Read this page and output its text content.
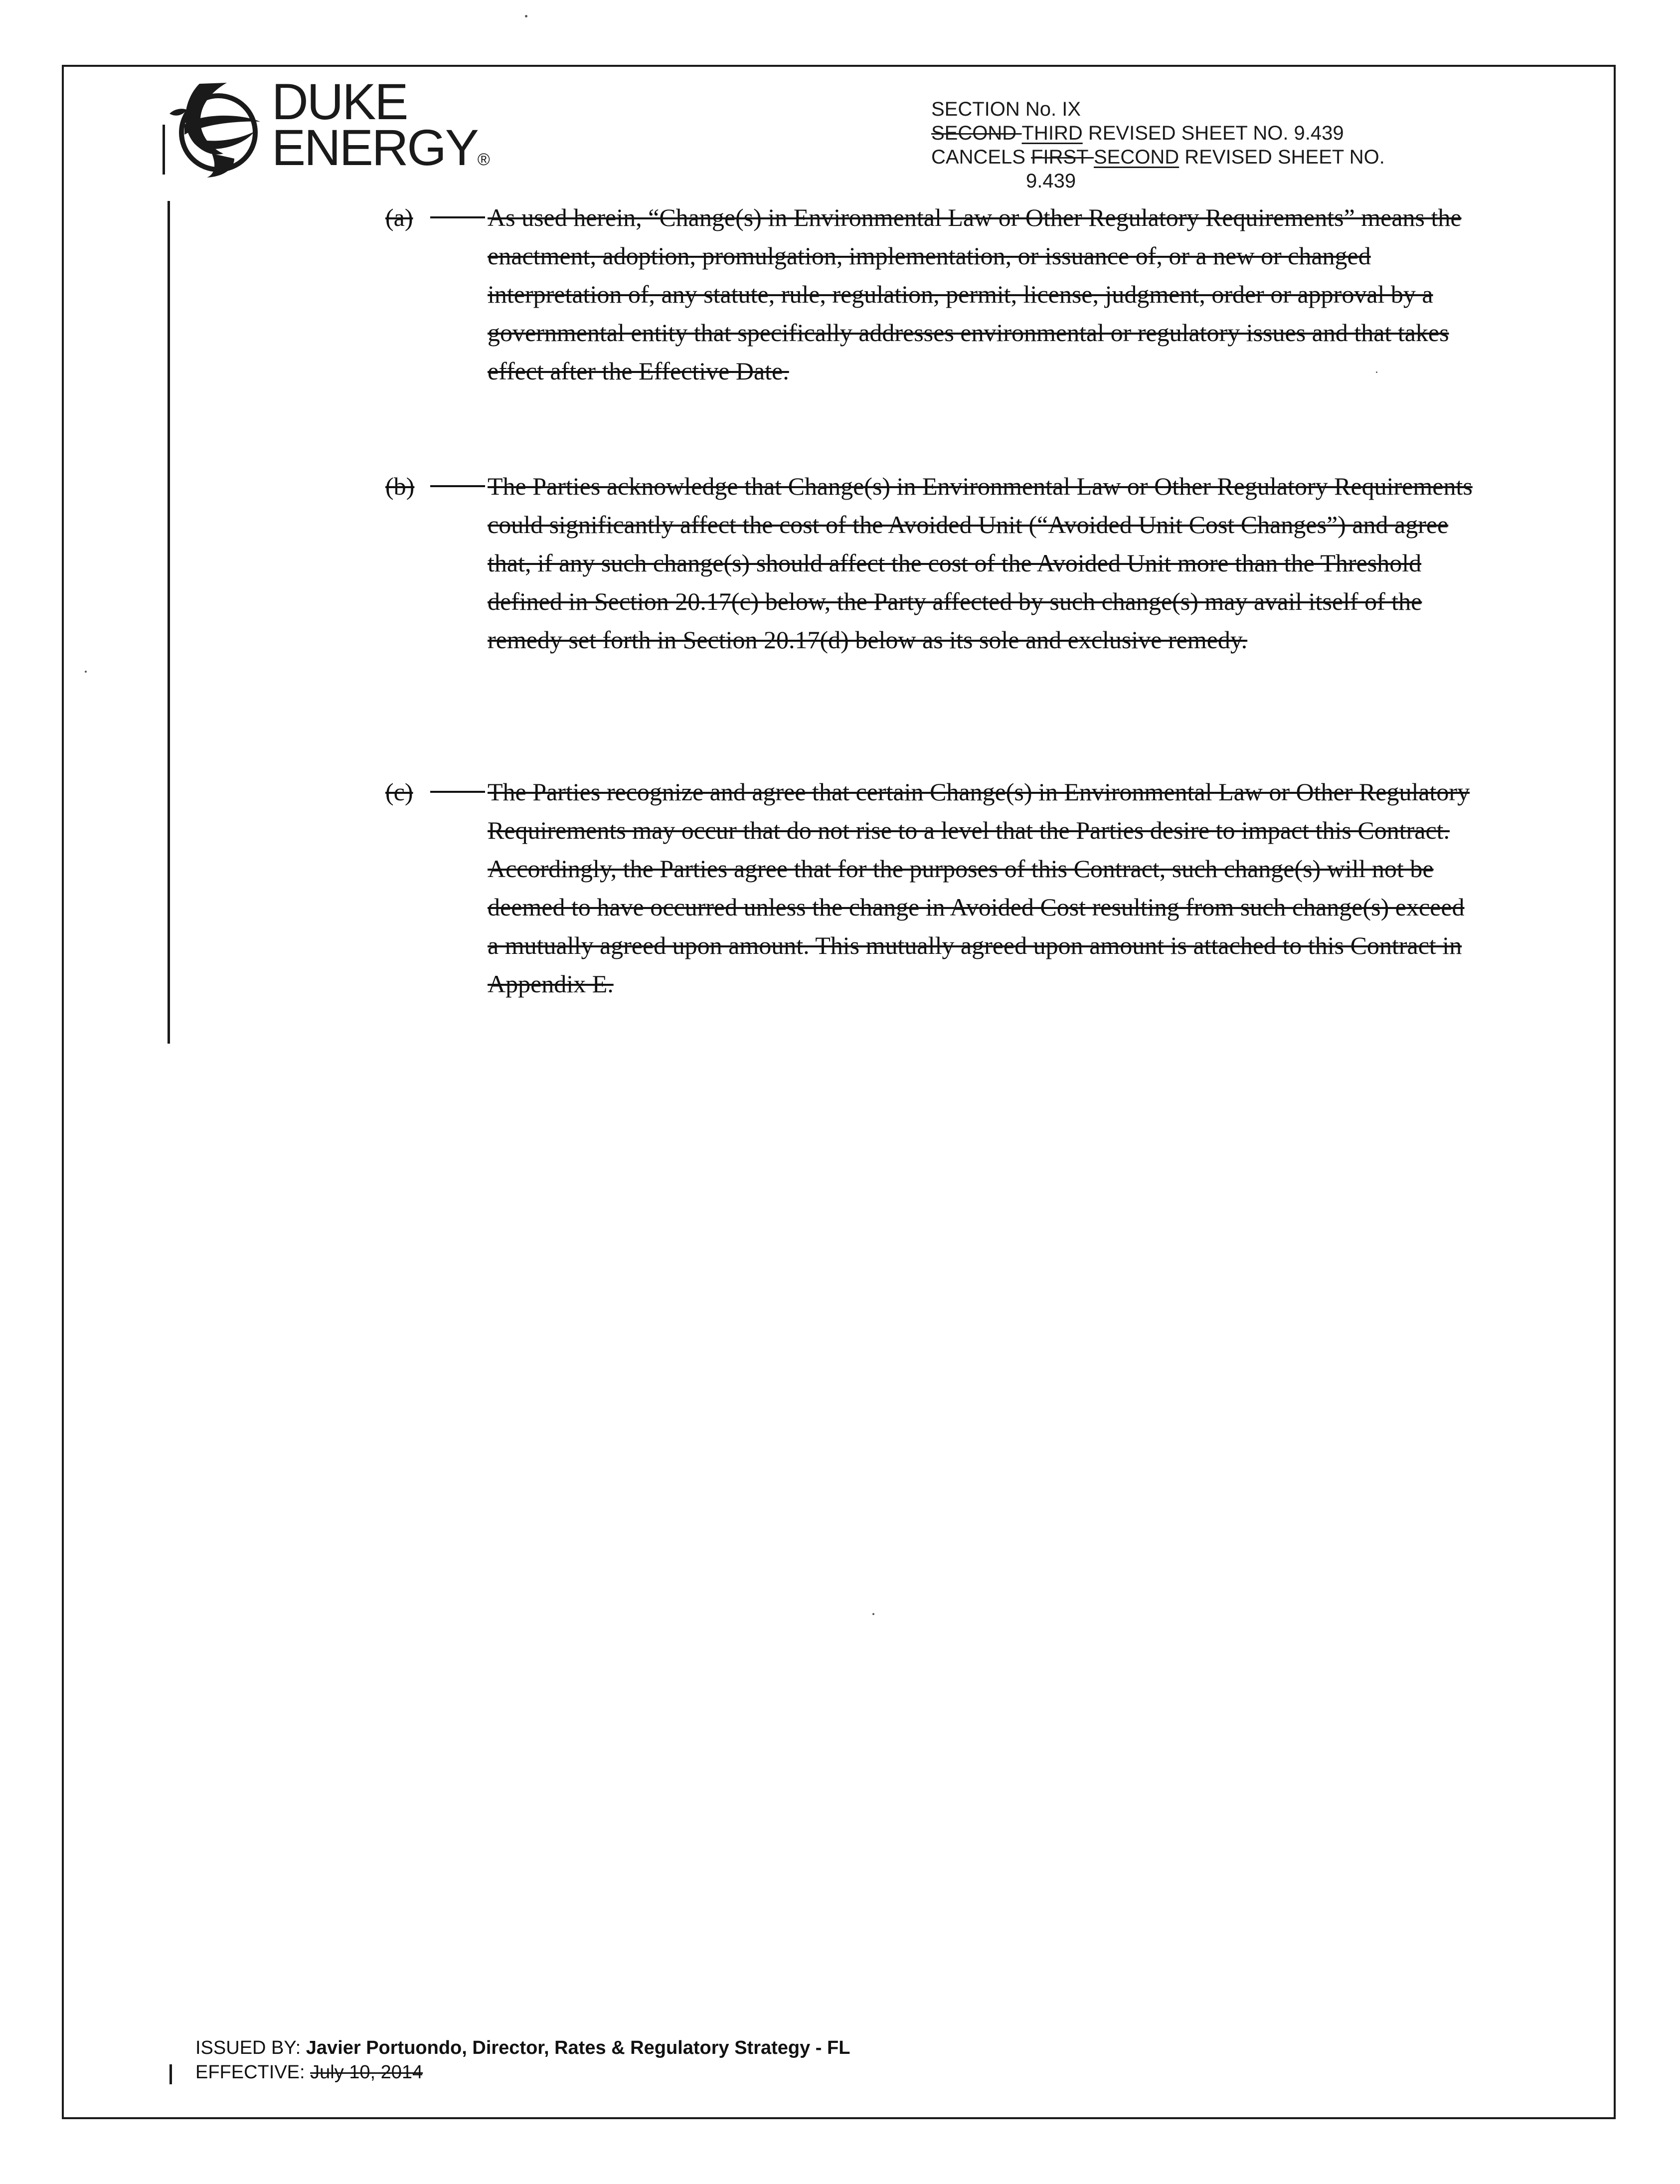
DUKE
ENERGY®
SECTION No. IX
SECOND THIRD REVISED SHEET NO. 9.439
CANCELS FIRST SECOND REVISED SHEET NO.
9.439
(a)	As used herein, “Change(s) in Environmental Law or Other Regulatory Requirements” means the enactment, adoption, promulgation, implementation, or issuance of, or a new or changed interpretation of, any statute, rule, regulation, permit, license, judgment, order or approval by a governmental entity that specifically addresses environmental or regulatory issues and that takes effect after the Effective Date.
(b)	The Parties acknowledge that Change(s) in Environmental Law or Other Regulatory Requirements could significantly affect the cost of the Avoided Unit (“Avoided Unit Cost Changes”) and agree that, if any such change(s) should affect the cost of the Avoided Unit more than the Threshold defined in Section 20.17(c) below, the Party affected by such change(s) may avail itself of the remedy set forth in Section 20.17(d) below as its sole and exclusive remedy.
(c)	The Parties recognize and agree that certain Change(s) in Environmental Law or Other Regulatory Requirements may occur that do not rise to a level that the Parties desire to impact this Contract. Accordingly, the Parties agree that for the purposes of this Contract, such change(s) will not be deemed to have occurred unless the change in Avoided Cost resulting from such change(s) exceed a mutually agreed upon amount. This mutually agreed upon amount is attached to this Contract in Appendix E.
ISSUED BY: Javier Portuondo, Director, Rates & Regulatory Strategy - FL
EFFECTIVE: July 10, 2014
